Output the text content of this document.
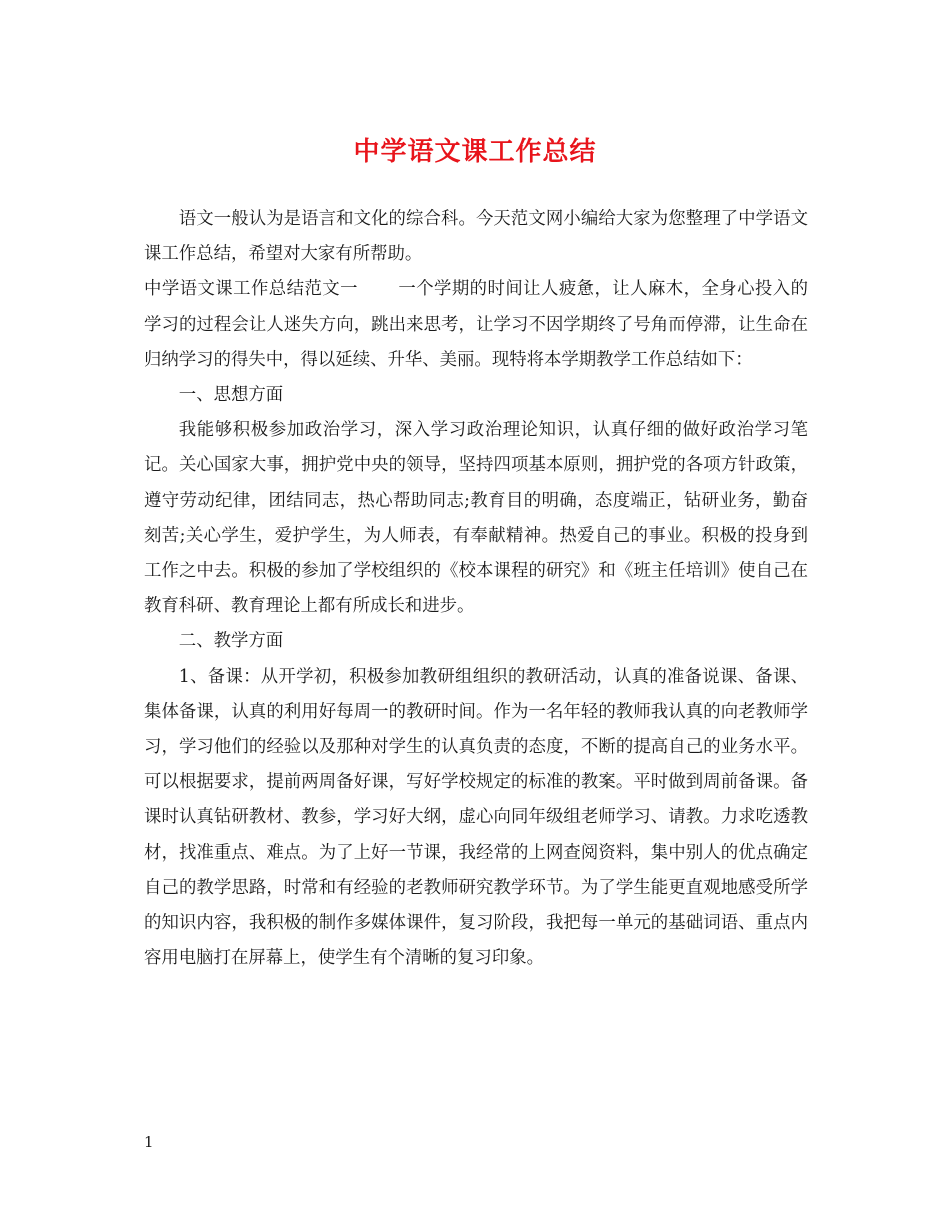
中学语文课工作总结

语文一般认为是语言和文化的综合科。今天范文网小编给大家为您整理了中学语文课工作总结，希望对大家有所帮助。

中学语文课工作总结范文一 一个学期的时间让人疲惫，让人麻木，全身心投入的学习的过程会让人迷失方向，跳出来思考，让学习不因学期终了号角而停滞，让生命在归纳学习的得失中，得以延续、升华、美丽。现特将本学期教学工作总结如下：

一、思想方面

我能够积极参加政治学习，深入学习政治理论知识，认真仔细的做好政治学习笔记。关心国家大事，拥护党中央的领导，坚持四项基本原则，拥护党的各项方针政策，遵守劳动纪律，团结同志，热心帮助同志;教育目的明确，态度端正，钻研业务，勤奋刻苦;关心学生，爱护学生，为人师表，有奉献精神。热爱自己的事业。积极的投身到工作之中去。积极的参加了学校组织的《校本课程的研究》和《班主任培训》使自己在教育科研、教育理论上都有所成长和进步。

二、教学方面

1、备课：从开学初，积极参加教研组组织的教研活动，认真的准备说课、备课、集体备课，认真的利用好每周一的教研时间。作为一名年轻的教师我认真的向老教师学习，学习他们的经验以及那种对学生的认真负责的态度，不断的提高自己的业务水平。可以根据要求，提前两周备好课，写好学校规定的标准的教案。平时做到周前备课。备课时认真钻研教材、教参，学习好大纲，虚心向同年级组老师学习、请教。力求吃透教材，找准重点、难点。为了上好一节课，我经常的上网查阅资料，集中别人的优点确定自己的教学思路，时常和有经验的老教师研究教学环节。为了学生能更直观地感受所学的知识内容，我积极的制作多媒体课件，复习阶段，我把每一单元的基础词语、重点内容用电脑打在屏幕上，使学生有个清晰的复习印象。

1
